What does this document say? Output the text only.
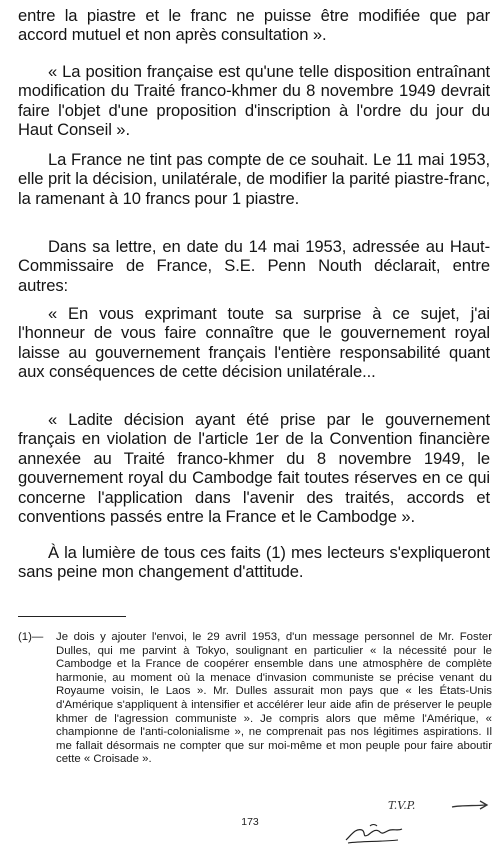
entre la piastre et le franc ne puisse être modifiée que par accord mutuel et non après consultation ».

« La position française est qu'une telle disposition entraînant modification du Traité franco-khmer du 8 novembre 1949 devrait faire l'objet d'une proposition d'inscription à l'ordre du jour du Haut Conseil ».

La France ne tint pas compte de ce souhait. Le 11 mai 1953, elle prit la décision, unilatérale, de modifier la parité piastre-franc, la ramenant à 10 francs pour 1 piastre.

Dans sa lettre, en date du 14 mai 1953, adressée au Haut-Commissaire de France, S.E. Penn Nouth déclarait, entre autres:

« En vous exprimant toute sa surprise à ce sujet, j'ai l'honneur de vous faire connaître que le gouvernement royal laisse au gouvernement français l'entière responsabilité quant aux conséquences de cette décision unilatérale...

« Ladite décision ayant été prise par le gouvernement français en violation de l'article 1er de la Convention financière annexée au Traité franco-khmer du 8 novembre 1949, le gouvernement royal du Cambodge fait toutes réserves en ce qui concerne l'application dans l'avenir des traités, accords et conventions passés entre la France et le Cambodge ».

À la lumière de tous ces faits (1) mes lecteurs s'expliqueront sans peine mon changement d'attitude.

(1)—	Je dois y ajouter l'envoi, le 29 avril 1953, d'un message personnel de Mr. Foster Dulles, qui me parvint à Tokyo, soulignant en particulier « la nécessité pour le Cambodge et la France de coopérer ensemble dans une atmosphère de complète harmonie, au moment où la menace d'invasion communiste se précise venant du Royaume voisin, le Laos ». Mr. Dulles assurait mon pays que « les États-Unis d'Amérique s'appliquent à intensifier et accélérer leur aide afin de préserver le peuple khmer de l'agression communiste ». Je compris alors que même l'Amérique, « championne de l'anti-colonialisme », ne comprenait pas nos légitimes aspirations. Il me fallait désormais ne compter que sur moi-même et mon peuple pour faire aboutir cette « Croisade ».

T.V.P.
173
